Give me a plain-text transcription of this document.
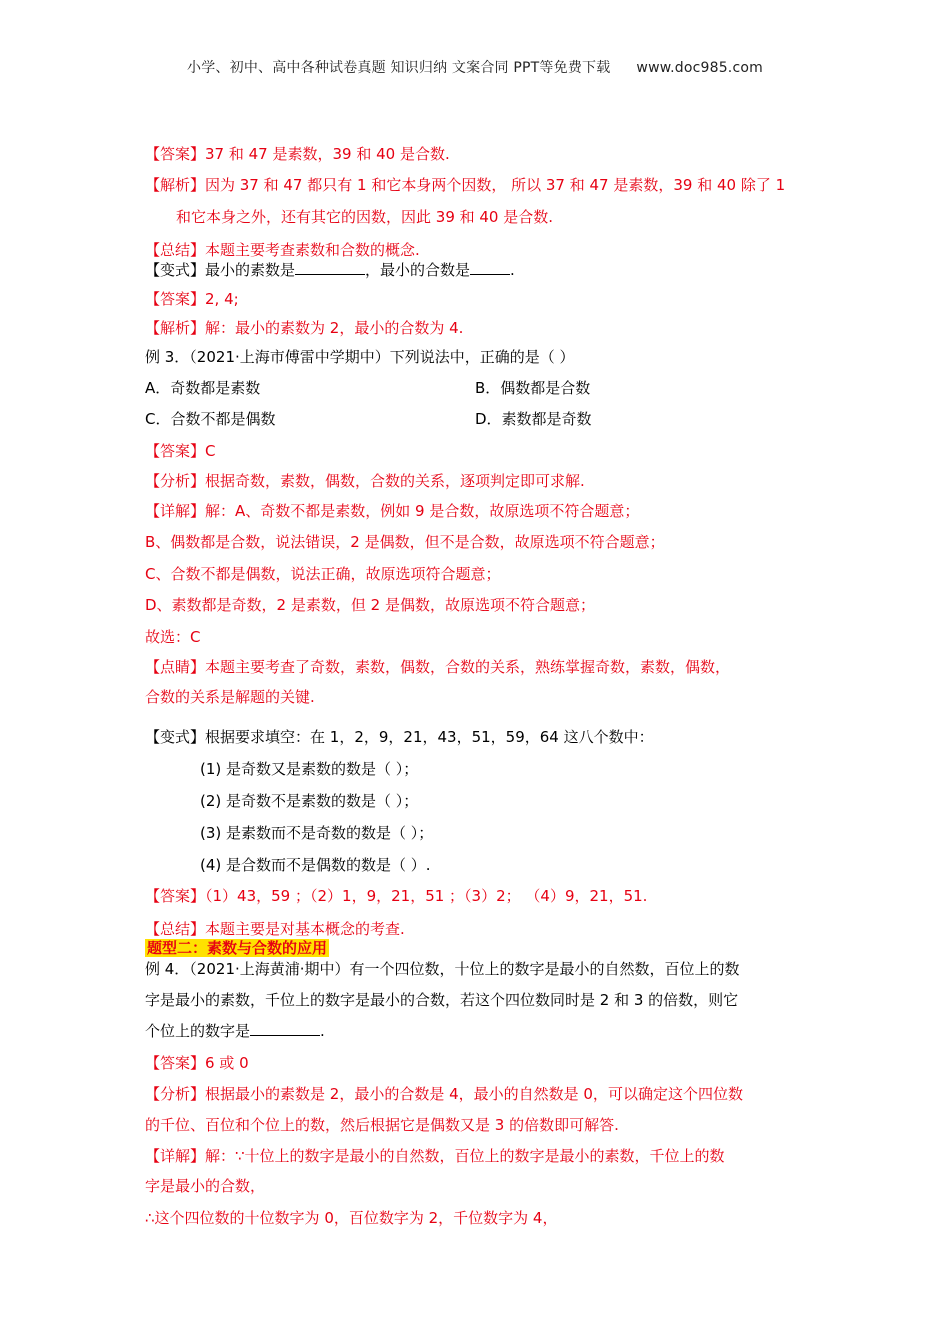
小学、初中、高中各种试卷真题 知识归纳 文案合同 PPT等免费下载 www.doc985.com
【答案】37 和 47 是素数，39 和 40 是合数.
【解析】因为 37 和 47 都只有 1 和它本身两个因数， 所以 37 和 47 是素数，39 和 40 除了 1
和它本身之外，还有其它的因数，因此 39 和 40 是合数.
【总结】本题主要考查素数和合数的概念.
【变式】最小的素数是	，最小的合数是	.
【答案】2, 4;
【解析】解：最小的素数为 2，最小的合数为 4.
例 3．（2021·上海市傅雷中学期中）下列说法中，正确的是（ ）
A．奇数都是素数	B．偶数都是合数
C．合数不都是偶数	D．素数都是奇数
【答案】C
【分析】根据奇数，素数，偶数，合数的关系，逐项判定即可求解.
【详解】解：A、奇数不都是素数，例如 9 是合数，故原选项不符合题意；
B、偶数都是合数，说法错误，2 是偶数，但不是合数，故原选项不符合题意；
C、合数不都是偶数，说法正确，故原选项符合题意；
D、素数都是奇数，2 是素数，但 2 是偶数，故原选项不符合题意；
故选：C
【点睛】本题主要考查了奇数，素数，偶数，合数的关系，熟练掌握奇数，素数，偶数，
合数的关系是解题的关键.
【变式】根据要求填空：在 1，2，9，21，43，51，59，64 这八个数中：
(1) 是奇数又是素数的数是（ ）；
(2) 是奇数不是素数的数是（ ）；
(3) 是素数而不是奇数的数是（ ）；
(4) 是合数而不是偶数的数是（ ）.
【答案】（1）43，59 ；（2）1，9，21，51 ；（3）2； （4）9，21，51.
【总结】本题主要是对基本概念的考查.
题型二：素数与合数的应用
例 4．（2021·上海黄浦·期中）有一个四位数，十位上的数字是最小的自然数，百位上的数
字是最小的素数，千位上的数字是最小的合数，若这个四位数同时是 2 和 3 的倍数，则它
个位上的数字是	.
【答案】6 或 0
【分析】根据最小的素数是 2，最小的合数是 4，最小的自然数是 0，可以确定这个四位数
的千位、百位和个位上的数，然后根据它是偶数又是 3 的倍数即可解答.
【详解】解：∵十位上的数字是最小的自然数，百位上的数字是最小的素数，千位上的数
字是最小的合数，
∴这个四位数的十位数字为 0，百位数字为 2，千位数字为 4，
